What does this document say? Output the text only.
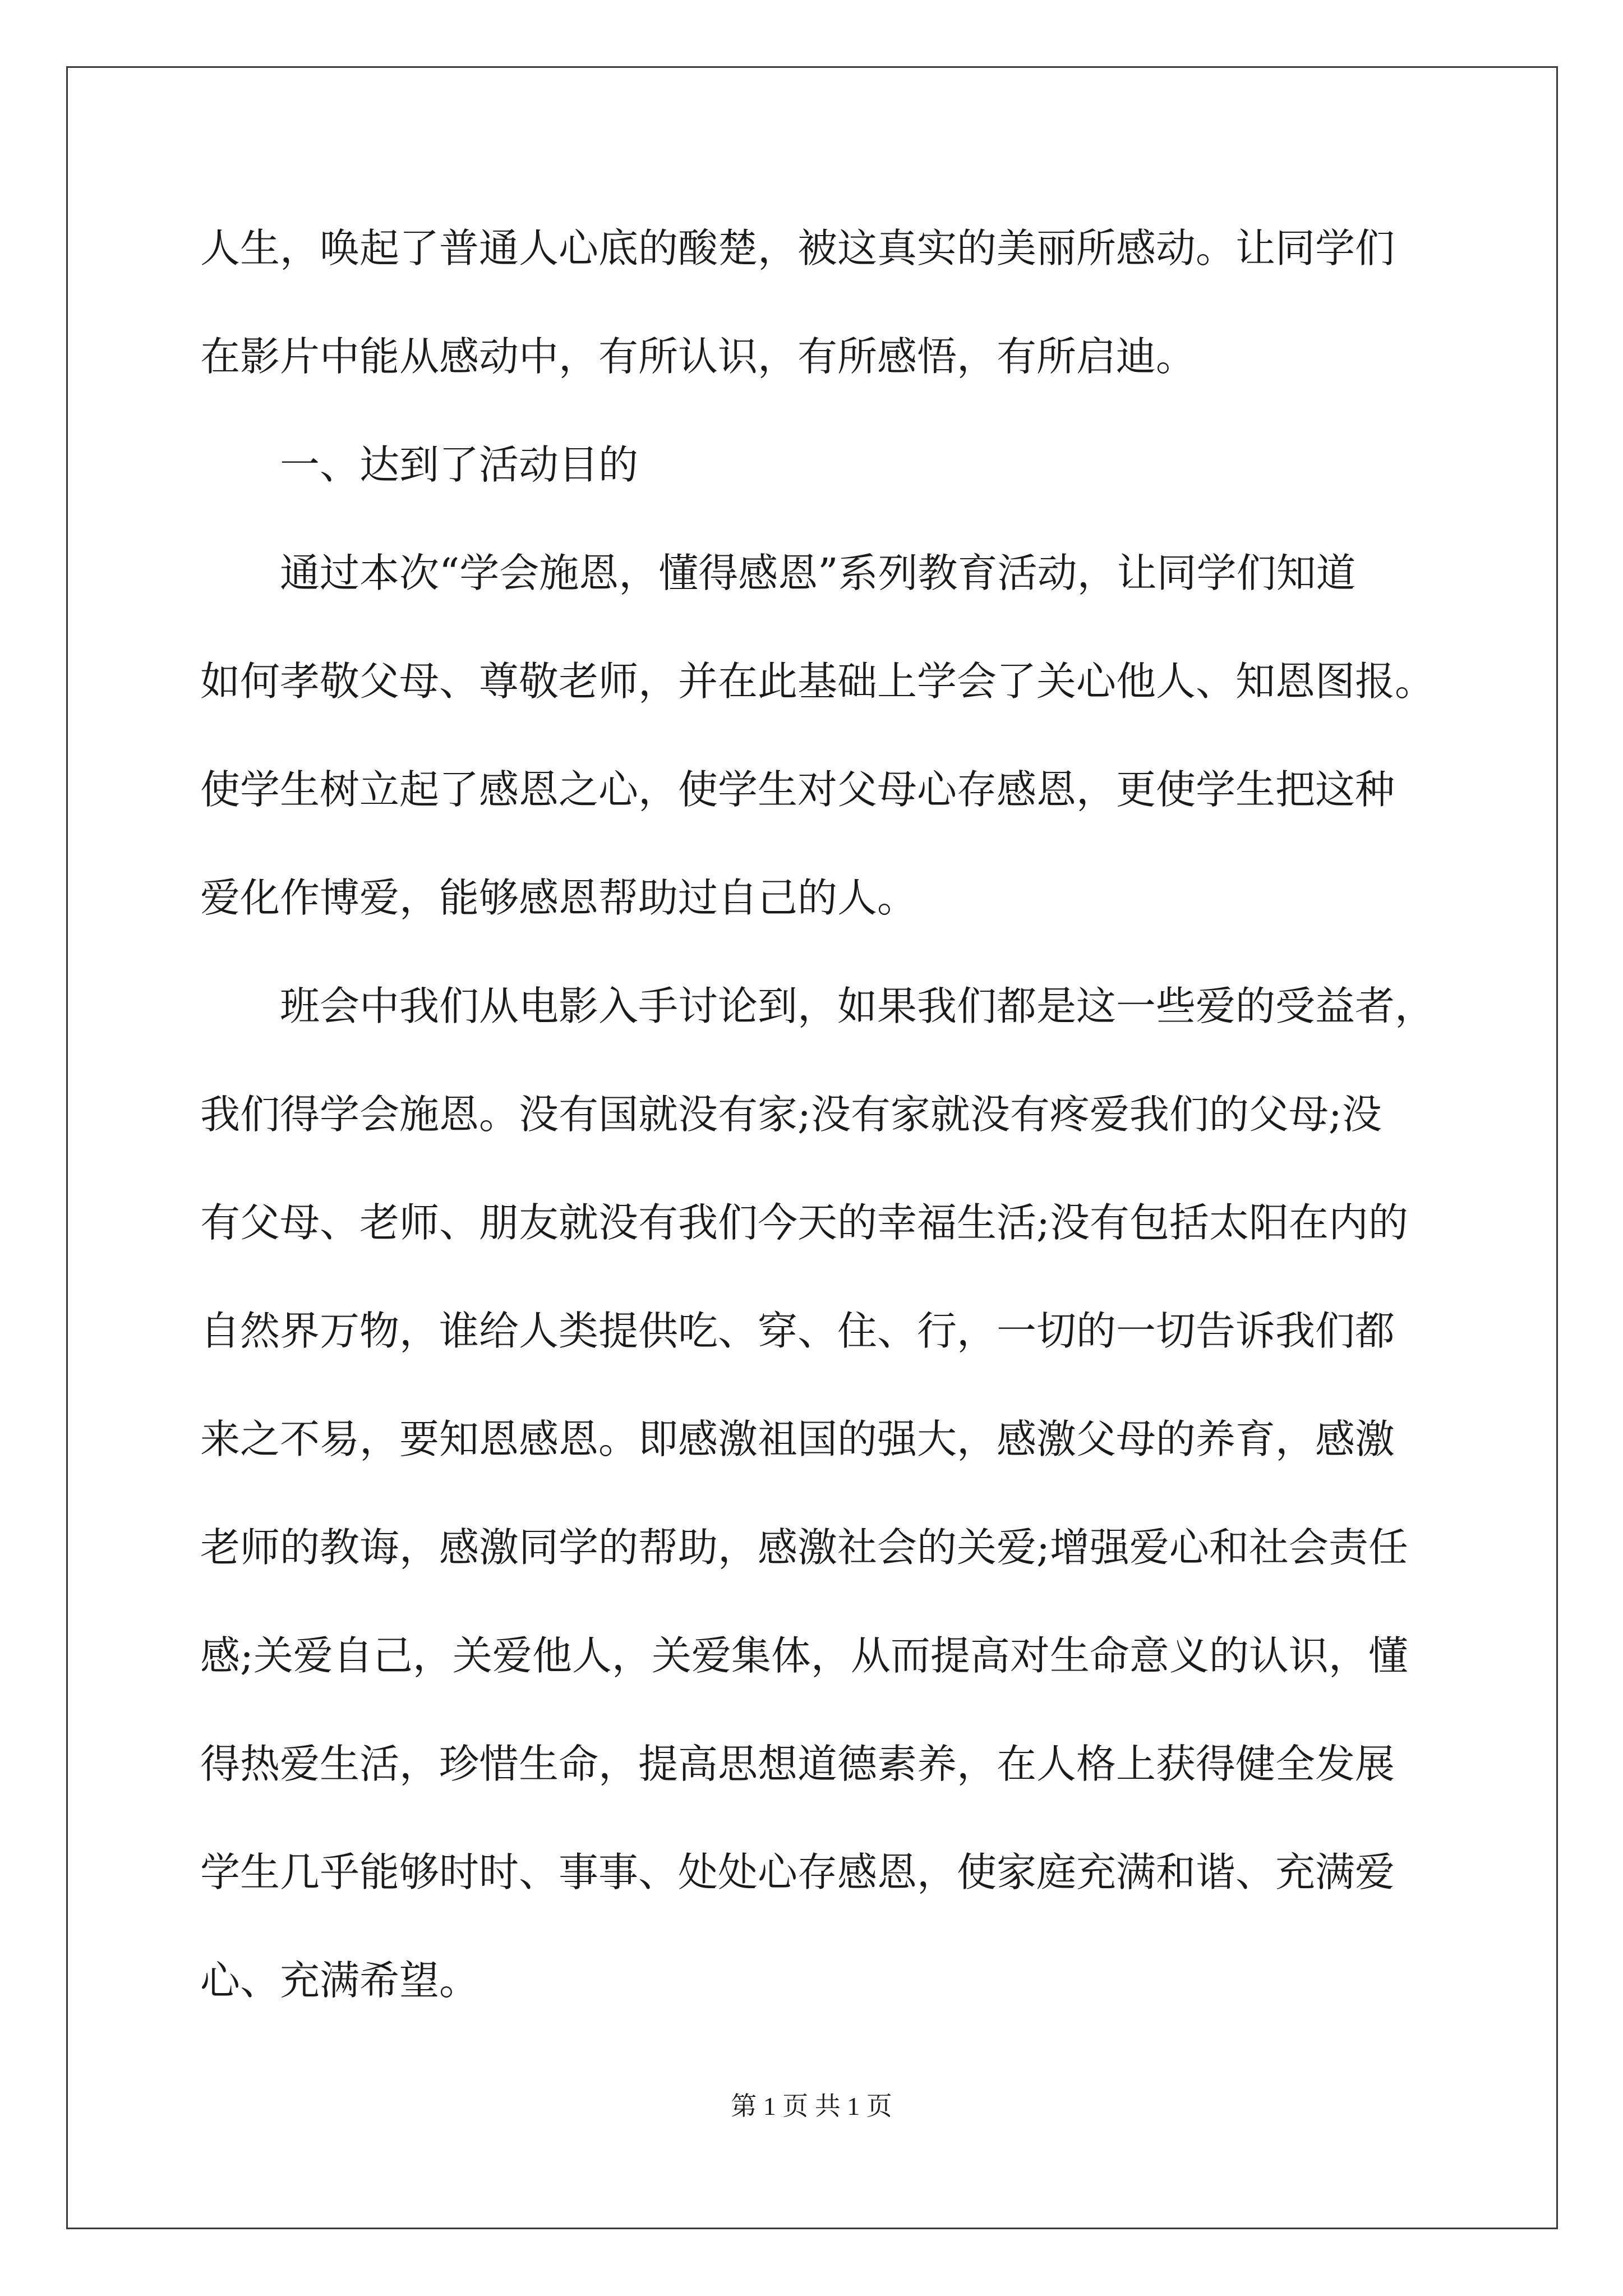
人生，唤起了普通人心底的酸楚，被这真实的美丽所感动。让同学们
在影片中能从感动中，有所认识，有所感悟，有所启迪。
一、达到了活动目的
通过本次“学会施恩，懂得感恩”系列教育活动，让同学们知道
如何孝敬父母、尊敬老师，并在此基础上学会了关心他人、知恩图报。
使学生树立起了感恩之心，使学生对父母心存感恩，更使学生把这种
爱化作博爱，能够感恩帮助过自己的人。
班会中我们从电影入手讨论到，如果我们都是这一些爱的受益者，
我们得学会施恩。没有国就没有家;没有家就没有疼爱我们的父母;没
有父母、老师、朋友就没有我们今天的幸福生活;没有包括太阳在内的
自然界万物，谁给人类提供吃、穿、住、行，一切的一切告诉我们都
来之不易，要知恩感恩。即感激祖国的强大，感激父母的养育，感激
老师的教诲，感激同学的帮助，感激社会的关爱;增强爱心和社会责任
感;关爱自己，关爱他人，关爱集体，从而提高对生命意义的认识，懂
得热爱生活，珍惜生命，提高思想道德素养，在人格上获得健全发展
学生几乎能够时时、事事、处处心存感恩，使家庭充满和谐、充满爱
心、充满希望。
第 1 页 共 1 页
